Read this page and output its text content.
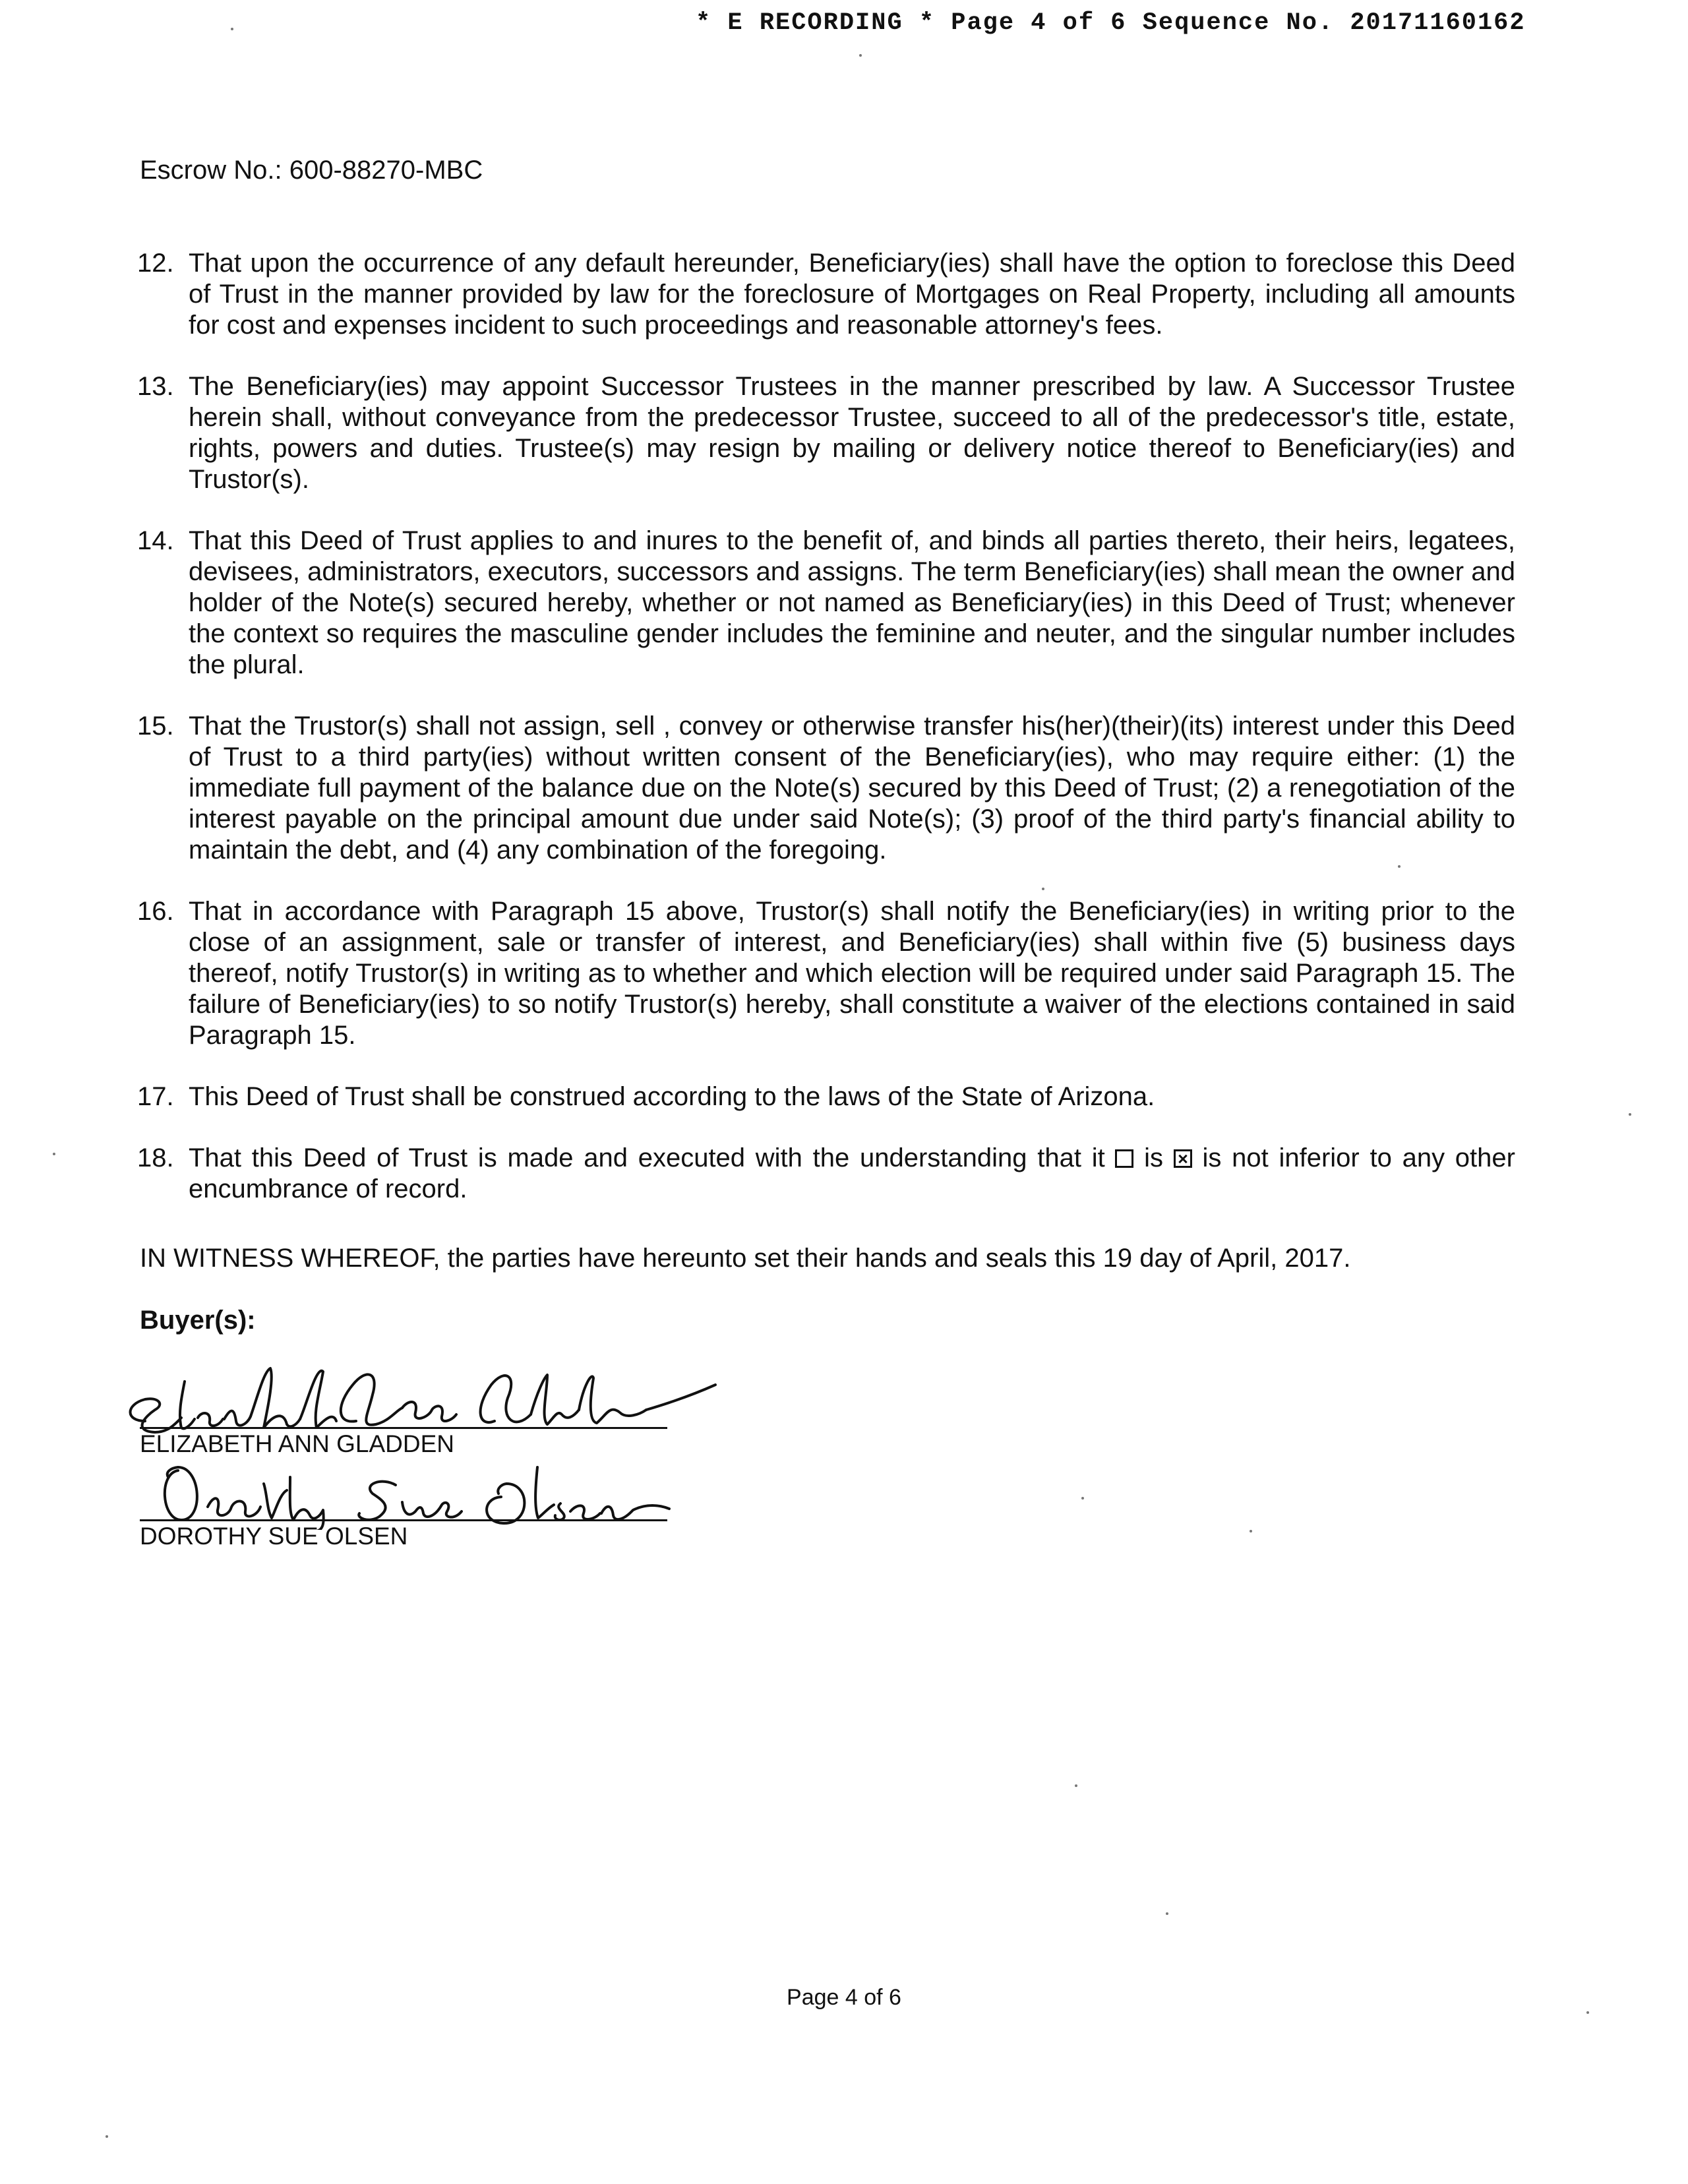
* E RECORDING * Page 4 of 6 Sequence No. 20171160162
Escrow No.: 600-88270-MBC
12. That upon the occurrence of any default hereunder, Beneficiary(ies) shall have the option to foreclose this Deed of Trust in the manner provided by law for the foreclosure of Mortgages on Real Property, including all amounts for cost and expenses incident to such proceedings and reasonable attorney's fees.
13. The Beneficiary(ies) may appoint Successor Trustees in the manner prescribed by law. A Successor Trustee herein shall, without conveyance from the predecessor Trustee, succeed to all of the predecessor's title, estate, rights, powers and duties. Trustee(s) may resign by mailing or delivery notice thereof to Beneficiary(ies) and Trustor(s).
14. That this Deed of Trust applies to and inures to the benefit of, and binds all parties thereto, their heirs, legatees, devisees, administrators, executors, successors and assigns. The term Beneficiary(ies) shall mean the owner and holder of the Note(s) secured hereby, whether or not named as Beneficiary(ies) in this Deed of Trust; whenever the context so requires the masculine gender includes the feminine and neuter, and the singular number includes the plural.
15. That the Trustor(s) shall not assign, sell , convey or otherwise transfer his(her)(their)(its) interest under this Deed of Trust to a third party(ies) without written consent of the Beneficiary(ies), who may require either: (1) the immediate full payment of the balance due on the Note(s) secured by this Deed of Trust; (2) a renegotiation of the interest payable on the principal amount due under said Note(s); (3) proof of the third party's financial ability to maintain the debt, and (4) any combination of the foregoing.
16. That in accordance with Paragraph 15 above, Trustor(s) shall notify the Beneficiary(ies) in writing prior to the close of an assignment, sale or transfer of interest, and Beneficiary(ies) shall within five (5) business days thereof, notify Trustor(s) in writing as to whether and which election will be required under said Paragraph 15. The failure of Beneficiary(ies) to so notify Trustor(s) hereby, shall constitute a waiver of the elections contained in said Paragraph 15.
17. This Deed of Trust shall be construed according to the laws of the State of Arizona.
18. That this Deed of Trust is made and executed with the understanding that it is is not inferior to any other encumbrance of record.
IN WITNESS WHEREOF, the parties have hereunto set their hands and seals this 19 day of April, 2017.
Buyer(s):
ELIZABETH ANN GLADDEN
DOROTHY SUE OLSEN
Page 4 of 6
